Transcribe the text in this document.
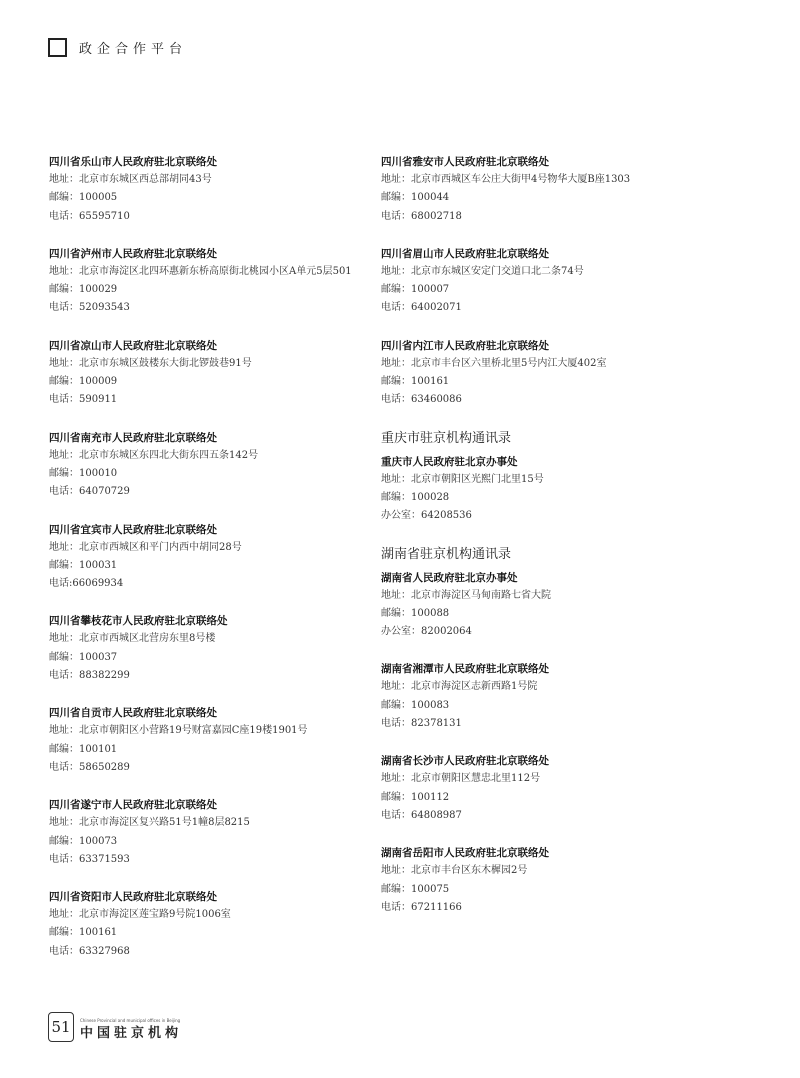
政企合作平台
四川省乐山市人民政府驻北京联络处
地址： 北京市东城区西总部胡同43号
邮编：100005
电话：65595710
四川省泸州市人民政府驻北京联络处
地址： 北京市海淀区北四环惠新东桥高原街北桃园小区A单元5层501
邮编：100029
电话：52093543
四川省凉山市人民政府驻北京联络处
地址： 北京市东城区鼓楼东大街北锣鼓巷91号
邮编：100009
电话：590911
四川省南充市人民政府驻北京联络处
地址： 北京市东城区东四北大街东四五条142号
邮编：100010
电话：64070729
四川省宜宾市人民政府驻北京联络处
地址： 北京市西城区和平门内西中胡同28号
邮编：100031
电话:66069934
四川省攀枝花市人民政府驻北京联络处
地址： 北京市西城区北营房东里8号楼
邮编：100037
电话：88382299
四川省自贡市人民政府驻北京联络处
地址： 北京市朝阳区小营路19号财富嘉园C座19楼1901号
邮编：100101
电话：58650289
四川省遂宁市人民政府驻北京联络处
地址： 北京市海淀区复兴路51号1幢8层8215
邮编：100073
电话：63371593
四川省资阳市人民政府驻北京联络处
地址： 北京市海淀区莲宝路9号院1006室
邮编：100161
电话：63327968
四川省雅安市人民政府驻北京联络处
地址： 北京市西城区车公庄大街甲4号物华大厦B座1303
邮编：100044
电话：68002718
四川省眉山市人民政府驻北京联络处
地址： 北京市东城区安定门交道口北二条74号
邮编：100007
电话：64002071
四川省内江市人民政府驻北京联络处
地址： 北京市丰台区六里桥北里5号内江大厦402室
邮编：100161
电话：63460086
重庆市驻京机构通讯录
重庆市人民政府驻北京办事处
地址： 北京市朝阳区光熙门北里15号
邮编：100028
办公室：64208536
湖南省驻京机构通讯录
湖南省人民政府驻北京办事处
地址： 北京市海淀区马甸南路七省大院
邮编：100088
办公室：82002064
湖南省湘潭市人民政府驻北京联络处
地址： 北京市海淀区志新西路1号院
邮编：100083
电话：82378131
湖南省长沙市人民政府驻北京联络处
地址： 北京市朝阳区慧忠北里112号
邮编：100112
电话：64808987
湖南省岳阳市人民政府驻北京联络处
地址： 北京市丰台区东木樨园2号
邮编：100075
电话：67211166
51	Chinese Provincial and municipal offices in Beijing
中国驻京机构
